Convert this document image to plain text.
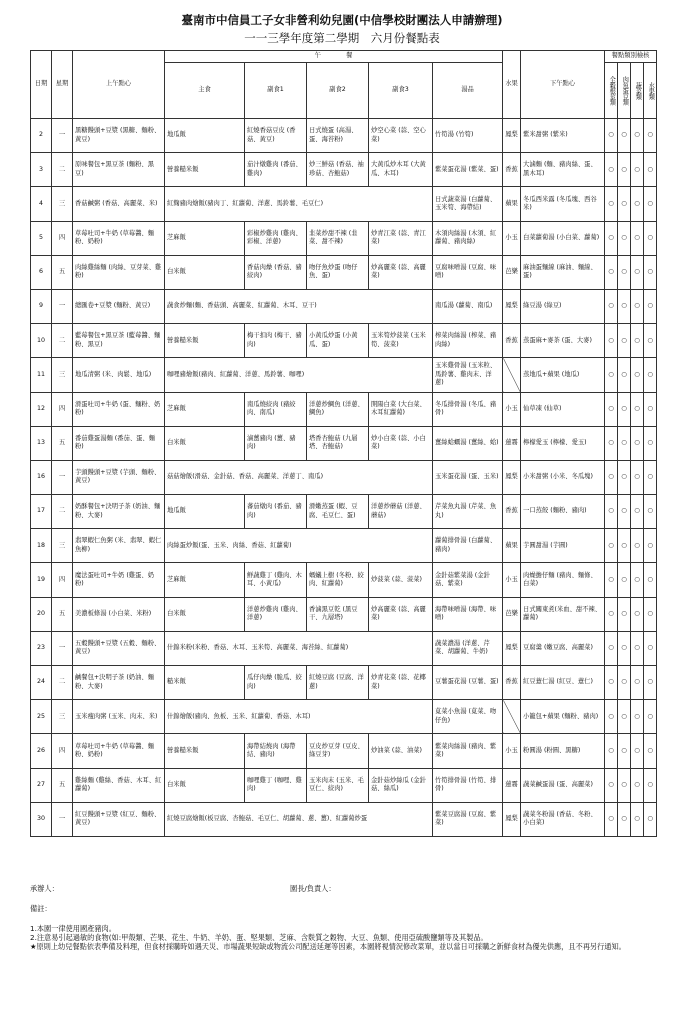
臺南市中信員工子女非營利幼兒園(中信學校財團法人申請辦理)
一一三學年度第二學期　六月份餐點表
日期	星期	上午點心	午　　　　餐					水果	下午點心	餐點類別檢核			
			主食	副食1	副食2	副食3	湯品			全穀根莖類	肉魚蛋豆類	蔬菜類	水果類

2	一	黑糖饅頭+豆漿 (黑糖、麵粉、黃豆)	地瓜飯	紅燒香菇豆皮 (香菇、黃豆)	日式燒蛋 (高湯、蛋、海苔粉)	炒空心菜 (蒜、空心菜)	竹筍湯 (竹筍)	鳳梨	紫米甜粥 (紫米)	○	○	○	○
3	二	原味餐包+黑豆茶 (麵粉、黑豆)	營養糙米飯	茄汁燉雞肉 (番茄、雞肉)	炒三鮮菇 (香菇、袖珍菇、杏鮑菇)	大黃瓜炒木耳 (大黃瓜、木耳)	紫菜蛋花湯 (紫菜、蛋)	香蕉	大滷麵 (麵、豬肉絲、蛋、黑木耳)	○	○	○	○
4	三	香菇鹹粥 (香菇、高麗菜、米)	紅麴豬肉燴飯(豬肉丁、紅蘿蔔、洋蔥、馬鈴薯、毛豆仁)				日式蔬菜湯 (白蘿蔔、玉米筍、海帶結)	蘋果	冬瓜西米露 (冬瓜塊、西谷米)	○	○	○	○
5	四	草莓吐司+牛奶 (草莓醬、麵粉、奶粉)	芝麻飯	彩椒炒雞肉 (雞肉、彩椒、洋蔥)	韭菜炒甜不辣 (韭菜、甜不辣)	炒青江菜 (蒜、青江菜)	木須肉絲湯 (木須、紅蘿蔔、豬肉絲)	小玉	白菜蘿蔔湯 (小白菜、蘿蔔)	○	○	○	○
6	五	肉絲雞絲麵 (肉絲、豆芽菜、雞粉)	白米飯	香菇肉燥 (香菇、豬絞肉)	吻仔魚炒蛋 (吻仔魚、蛋)	炒高麗菜 (蒜、高麗菜)	豆腐味噌湯 (豆腐、味噌)	芭樂	麻油蛋麵線 (麻油、麵線、蛋)	○	○	○	○
9	一	總匯卷+豆漿 (麵粉、黃豆)	蔬食炒麵(麵、香菇頭、高麗菜、紅蘿蔔、木耳、豆干)				南瓜湯 (蘿蔔、南瓜)	鳳梨	綠豆湯 (綠豆)	○	○	○	○
10	二	藍莓餐包+黑豆茶 (藍莓醬、麵粉、黑豆)	營養糙米飯	梅干扣肉 (梅干、豬肉)	小黃瓜炒蛋 (小黃瓜、蛋)	玉米筍炒菠菜 (玉米筍、菠菜)	榨菜肉絲湯 (榨菜、豬肉絲)	香蕉	蒸蛋麻+麥茶 (蛋、大麥)	○	○	○	○
11	三	地瓜清粥 (米、肉鬆、地瓜)	咖哩豬燴飯(豬肉、紅蘿蔔、洋蔥、馬鈴薯、咖哩)				玉米雞骨湯 (玉米粒、馬鈴薯、雞肉末、洋蔥)		蒸地瓜+蘋果 (地瓜)	○	○	○	○
12	四	滑蛋吐司+牛奶 (蛋、麵粉、奶粉)	芝麻飯	南瓜燒絞肉 (豬絞肉、南瓜)	洋蔥炒鯛魚 (洋蔥、鯛魚)	開陽白菜 (大白菜、木耳紅蘿蔔)	冬瓜排骨湯 (冬瓜、豬骨)	小玉	仙草凍 (仙草)	○	○	○	○
13	五	番茄雞蛋湯麵 (番茄、蛋、麵粉)	白米飯	滷薑豬肉 (薑、豬肉)	塔香杏鮑菇 (九層塔、杏鮑菇)	炒小白菜 (蒜、小白菜)	薑絲蛤蠣湯 (薑絲、蛤)	蓮霧	檸檬愛玉 (檸檬、愛玉)	○	○	○	○
16	一	芋頭饅頭+豆漿 (芋頭、麵粉、黃豆)	菇菇燴飯(滑菇、金針菇、香菇、高麗菜、洋蔥丁、南瓜)				玉米蛋花湯 (蛋、玉米)	鳳梨	小米甜粥 (小米、冬瓜塊)	○	○	○	○
17	二	奶酥餐包+決明子茶 (奶油、麵粉、大麥)	地瓜飯	蕃茄燉肉 (番茄、豬肉)	滑嫩蒸蛋 (蝦、豆腐、毛豆仁、蛋)	洋蔥炒蘑菇 (洋蔥、蘑菇)	芹菜魚丸湯 (芹菜、魚丸)	香蕉	一口蒸餃 (麵粉、豬肉)	○	○	○	○
18	三	翡翠蝦仁魚粥 (米、翡翠、蝦仁魚柳)	肉絲蛋炒飯(蛋、玉米、肉絲、香菇、紅蘿蔔)				蘿蔔排骨湯 (白蘿蔔、豬肉)	蘋果	芋圓甜湯 (芋圓)	○	○	○	○
19	四	魔法蛋吐司+牛奶 (雞蛋、奶粉)	芝麻飯	鮮蔬雞丁 (雞肉、木耳、小黃瓜)	螞蟻上樹 (冬粉、絞肉、紅蘿蔔)	炒菠菜 (蒜、菠菜)	金針菇紫菜湯 (金針菇、紫菜)	小玉	肉燥擔仔麵 (豬肉、麵條、白菜)	○	○	○	○
20	五	美濃板條湯 (小白菜、米粉)	白米飯	洋蔥炒雞肉 (雞肉、洋蔥)	香滷黑豆乾 (黑豆干、九層塔)	炒高麗菜 (蒜、高麗菜)	海帶味噌湯 (海帶、味噌)	芭樂	日式關東煮(米血、甜不辣、蘿蔔)	○	○	○	○
23	一	五穀饅頭+豆漿 (五穀、麵粉、黃豆)	什錦米粉(米粉、香菇、木耳、玉米筍、高麗菜、海苔絲、紅蘿蔔)				蔬菜濃湯 (洋蔥、芹菜、胡蘿蔔、牛奶)	鳳梨	豆腐羹 (嫩豆腐、高麗菜)	○	○	○	○
24	二	鹹餐包+決明子茶 (奶油、麵粉、大麥)	糙米飯	瓜仔肉燥 (脆瓜、絞肉)	紅燒豆腐 (豆腐、洋蔥)	炒青花菜 (蒜、花椰菜)	豆薯蛋花湯 (豆薯、蛋)	香蕉	紅豆薏仁湯 (紅豆、薏仁)	○	○	○	○
25	三	玉米瘦肉粥 (玉米、肉末、米)	什錦燴飯(豬肉、魚板、玉米、紅蘿蔔、香菇、木耳)				莧菜小魚湯 (莧菜、吻仔魚)		小籠包+蘋果 (麵粉、豬肉)	○	○	○	○
26	四	草莓吐司+牛奶 (草莓醬、麵粉、奶粉)	營養糙米飯	海帶結燒肉 (海帶結、豬肉)	豆皮炒豆芽 (豆皮、綠豆芽)	炒油菜 (蒜、油菜)	紫菜肉絲湯 (豬肉、紫菜)	小玉	粉圓湯 (粉圓、黑糖)	○	○	○	○
27	五	雞絲麵 (雞絲、香菇、木耳、紅蘿蔔)	白米飯	咖哩雞丁 (咖哩、雞肉)	玉米肉末 (玉米、毛豆仁、絞肉)	金針菇炒絲瓜 (金針菇、絲瓜)	竹筍排骨湯 (竹筍、排骨)	蓮霧	蔬菜鹹蛋湯 (蛋、高麗菜)	○	○	○	○
30	一	紅豆饅頭+豆漿 (紅豆、麵粉、黃豆)	紅燒豆腐燴飯(板豆腐、杏鮑菇、毛豆仁、胡蘿蔔、蔥、薑)、紅蘿蔔炒蛋				紫菜豆腐湯 (豆腐、紫菜)	鳳梨	蔬菜冬粉湯 (香菇、冬粉、小白菜)	○	○	○	○
承辦人：	園長/負責人：
備註：
1.本園一律使用國產豬肉。
2.注意易引起過敏的食物(如:甲殼類、芒果、花生、牛奶、羊奶、蛋、堅果類、芝麻、含麩質之穀物、大豆、魚類、使用亞硫酸鹽類等及其製品。
★原則上幼兒餐點依表準備及料理，但食材採購時如遇天災、市場蔬果短缺或物流公司配送延遲等因素，本園將視情況修改菜單，並以當日可採購之新鮮食材為優先供應，且不再另行通知。
